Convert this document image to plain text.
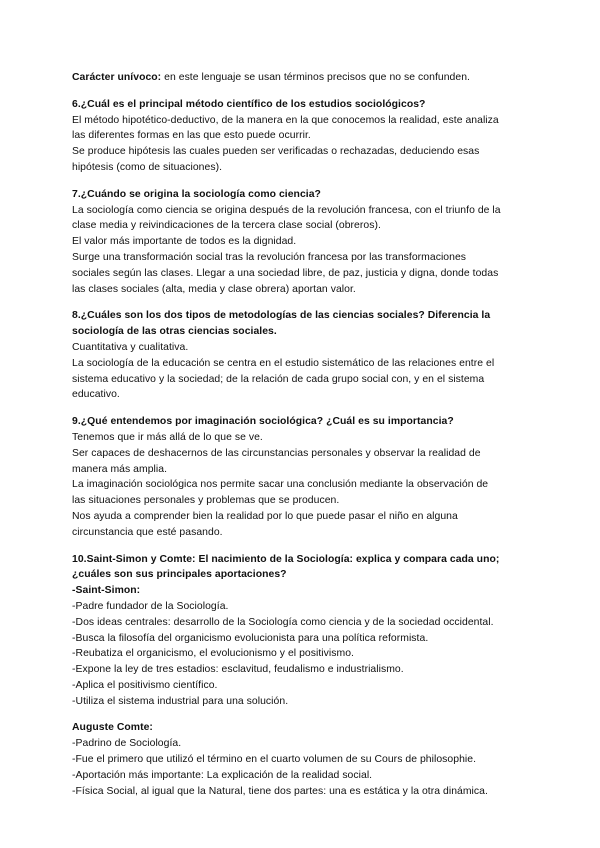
Carácter unívoco: en este lenguaje se usan términos precisos que no se confunden.

6.¿Cuál es el principal método científico de los estudios sociológicos?

El método hipotético-deductivo, de la manera en la que conocemos la realidad, este analiza

las diferentes formas en las que esto puede ocurrir.

Se produce hipótesis las cuales pueden ser verificadas o rechazadas, deduciendo esas

hipótesis (como de situaciones).

7.¿Cuándo se origina la sociología como ciencia?

La sociología como ciencia se origina después de la revolución francesa, con el triunfo de la

clase media y reivindicaciones de la tercera clase social (obreros).

El valor más importante de todos es la dignidad.

Surge una transformación social tras la revolución francesa por las transformaciones

sociales según las clases. Llegar a una sociedad libre, de paz, justicia y digna, donde todas

las clases sociales (alta, media y clase obrera) aportan valor.

8.¿Cuáles son los dos tipos de metodologías de las ciencias sociales? Diferencia la

sociología de las otras ciencias sociales.

Cuantitativa y cualitativa.

La sociología de la educación se centra en el estudio sistemático de las relaciones entre el

sistema educativo y la sociedad; de la relación de cada grupo social con, y en el sistema

educativo.

9.¿Qué entendemos por imaginación sociológica? ¿Cuál es su importancia?

Tenemos que ir más allá de lo que se ve.

Ser capaces de deshacernos de las circunstancias personales y observar la realidad de

manera más amplia.

La imaginación sociológica nos permite sacar una conclusión mediante la observación de

las situaciones personales y problemas que se producen.

Nos ayuda a comprender bien la realidad por lo que puede pasar el niño en alguna

circunstancia que esté pasando.

10.Saint-Simon y Comte: El nacimiento de la Sociología: explica y compara cada uno;

¿cuáles son sus principales aportaciones?

-Saint-Simon:

-Padre fundador de la Sociología.

-Dos ideas centrales: desarrollo de la Sociología como ciencia y de la sociedad occidental.

-Busca la filosofía del organicismo evolucionista para una política reformista.

-Reubatiza el organicismo, el evolucionismo y el positivismo.

-Expone la ley de tres estadios: esclavitud, feudalismo e industrialismo.

-Aplica el positivismo científico.

-Utiliza el sistema industrial para una solución.

Auguste Comte:

-Padrino de Sociología.

-Fue el primero que utilizó el término en el cuarto volumen de su Cours de philosophie.

-Aportación más importante: La explicación de la realidad social.

-Física Social, al igual que la Natural, tiene dos partes: una es estática y la otra dinámica.
